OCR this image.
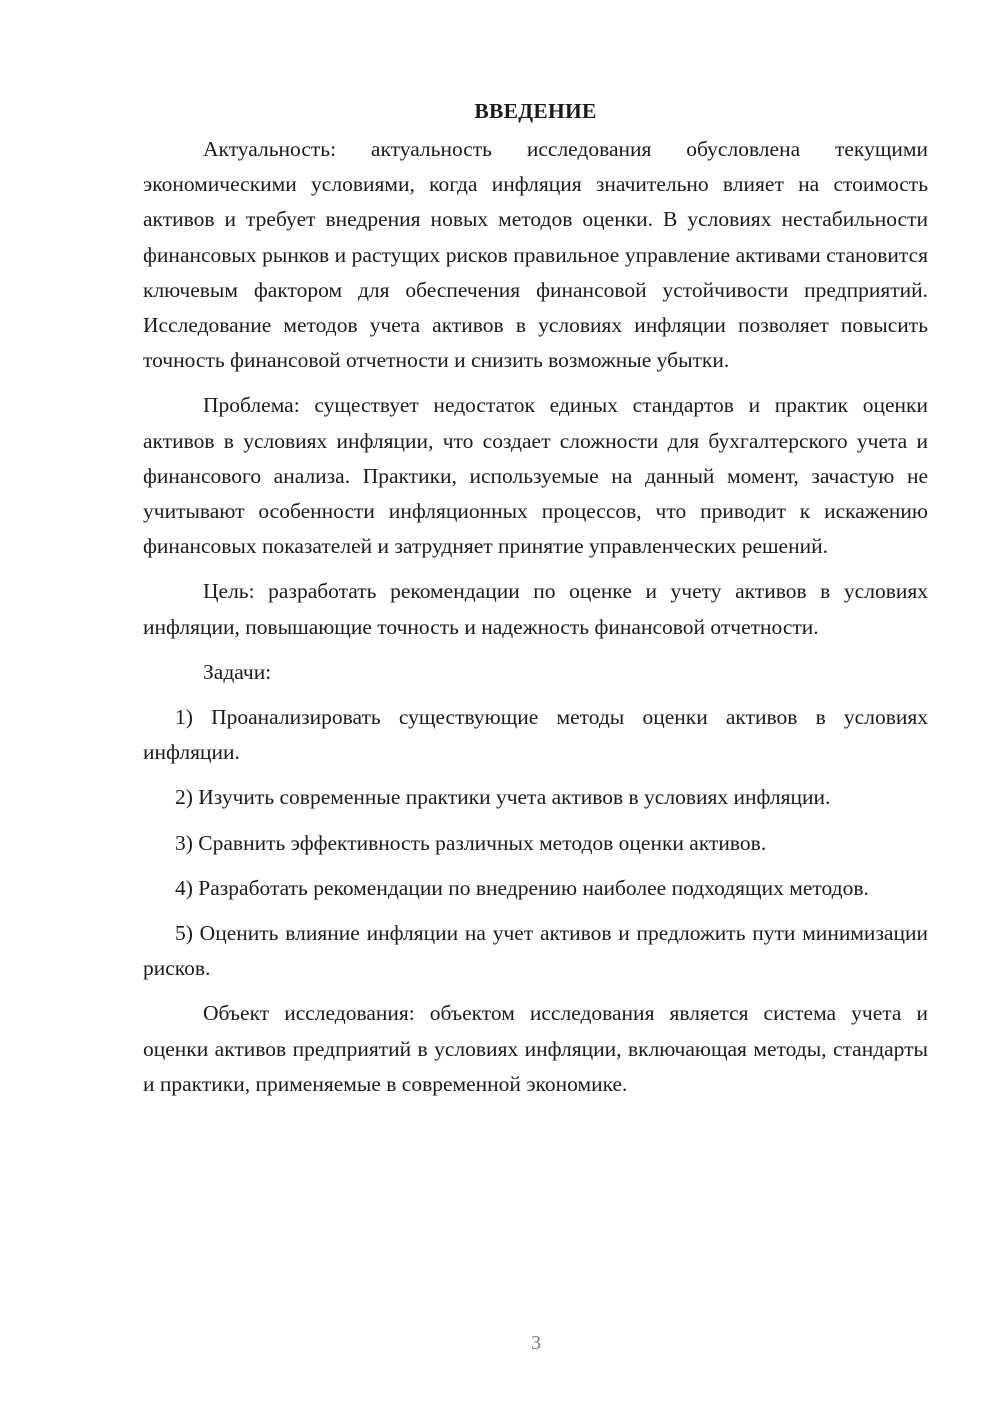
ВВЕДЕНИЕ

Актуальность: актуальность исследования обусловлена текущими экономическими условиями, когда инфляция значительно влияет на стоимость активов и требует внедрения новых методов оценки. В условиях нестабильности финансовых рынков и растущих рисков правильное управление активами становится ключевым фактором для обеспечения финансовой устойчивости предприятий. Исследование методов учета активов в условиях инфляции позволяет повысить точность финансовой отчетности и снизить возможные убытки.

Проблема: существует недостаток единых стандартов и практик оценки активов в условиях инфляции, что создает сложности для бухгалтерского учета и финансового анализа. Практики, используемые на данный момент, зачастую не учитывают особенности инфляционных процессов, что приводит к искажению финансовых показателей и затрудняет принятие управленческих решений.

Цель: разработать рекомендации по оценке и учету активов в условиях инфляции, повышающие точность и надежность финансовой отчетности.

Задачи:

1) Проанализировать существующие методы оценки активов в условиях инфляции.

2) Изучить современные практики учета активов в условиях инфляции.

3) Сравнить эффективность различных методов оценки активов.

4) Разработать рекомендации по внедрению наиболее подходящих методов.

5) Оценить влияние инфляции на учет активов и предложить пути минимизации рисков.

Объект исследования: объектом исследования является система учета и оценки активов предприятий в условиях инфляции, включающая методы, стандарты и практики, применяемые в современной экономике.

3
